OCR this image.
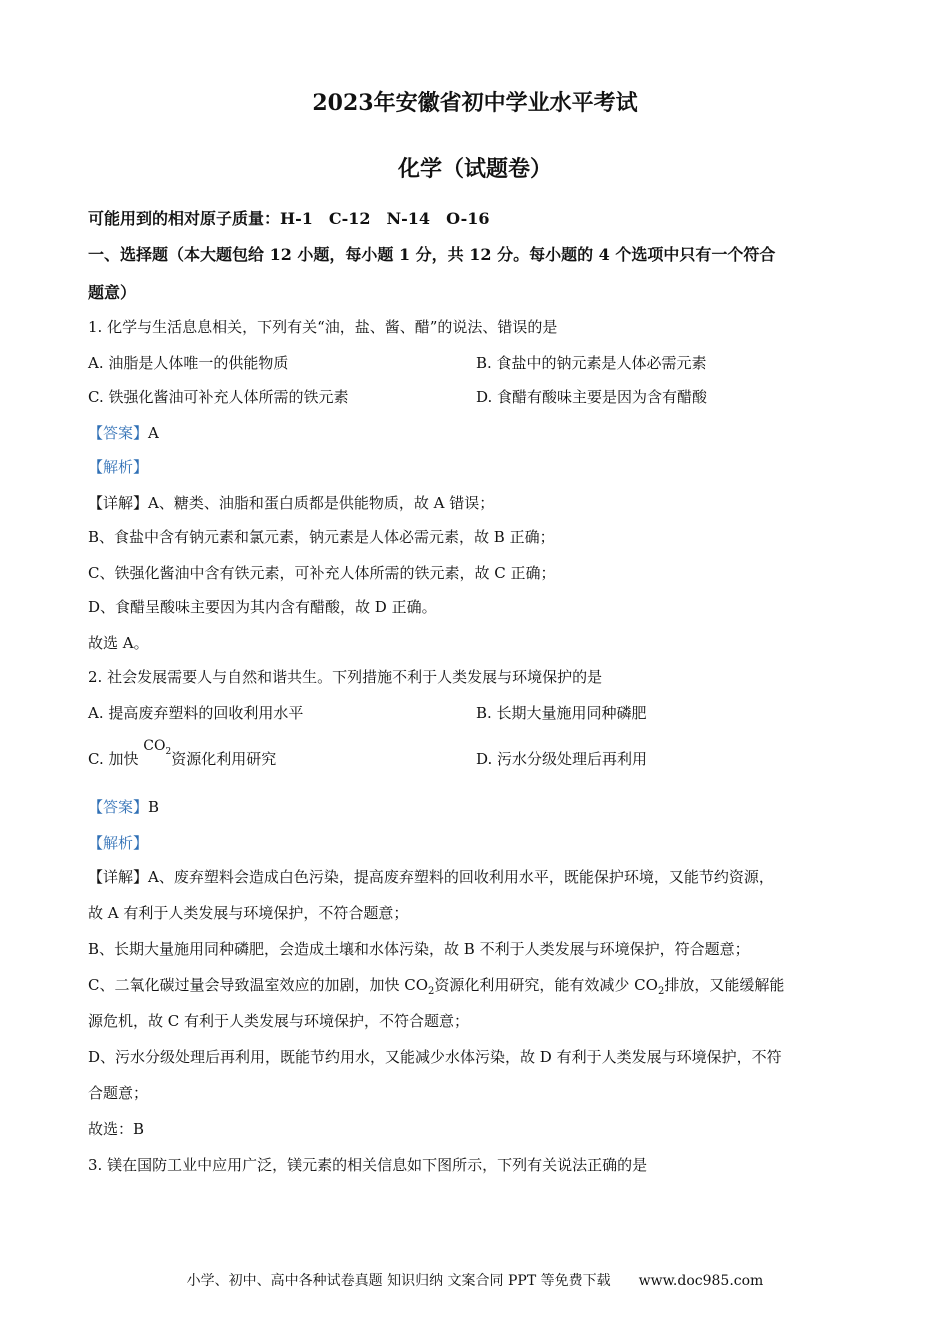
2023年安徽省初中学业水平考试
化学（试题卷）
可能用到的相对原子质量：H-1　C-12　N-14　O-16
一、选择题（本大题包给 12 小题，每小题 1 分，共 12 分。每小题的 4 个选项中只有一个符合
题意）
1. 化学与生活息息相关，下列有关“油，盐、酱、醋”的说法、错误的是
A. 油脂是人体唯一的供能物质	B. 食盐中的钠元素是人体必需元素
C. 铁强化酱油可补充人体所需的铁元素	D. 食醋有酸味主要是因为含有醋酸
【答案】A
【解析】
【详解】A、糖类、油脂和蛋白质都是供能物质，故 A 错误；
B、食盐中含有钠元素和氯元素，钠元素是人体必需元素，故 B 正确；
C、铁强化酱油中含有铁元素，可补充人体所需的铁元素，故 C 正确；
D、食醋呈酸味主要因为其内含有醋酸，故 D 正确。
故选 A。
2. 社会发展需要人与自然和谐共生。下列措施不利于人类发展与环境保护的是
A. 提高废弃塑料的回收利用水平	B. 长期大量施用同种磷肥
C. 加快 $CO_2$资源化利用研究	D. 污水分级处理后再利用
【答案】B
【解析】
【详解】A、废弃塑料会造成白色污染，提高废弃塑料的回收利用水平，既能保护环境，又能节约资源，
故 A 有利于人类发展与环境保护，不符合题意；
B、长期大量施用同种磷肥，会造成土壤和水体污染，故 B 不利于人类发展与环境保护，符合题意；
C、二氧化碳过量会导致温室效应的加剧，加快 $CO_2$资源化利用研究，能有效减少 $CO_2$排放，又能缓解能
源危机，故 C 有利于人类发展与环境保护，不符合题意；
D、污水分级处理后再利用，既能节约用水，又能减少水体污染，故 D 有利于人类发展与环境保护，不符
合题意；
故选：B
3. 镁在国防工业中应用广泛，镁元素的相关信息如下图所示，下列有关说法正确的是
小学、初中、高中各种试卷真题 知识归纳 文案合同 PPT 等免费下载　　www.doc985.com
